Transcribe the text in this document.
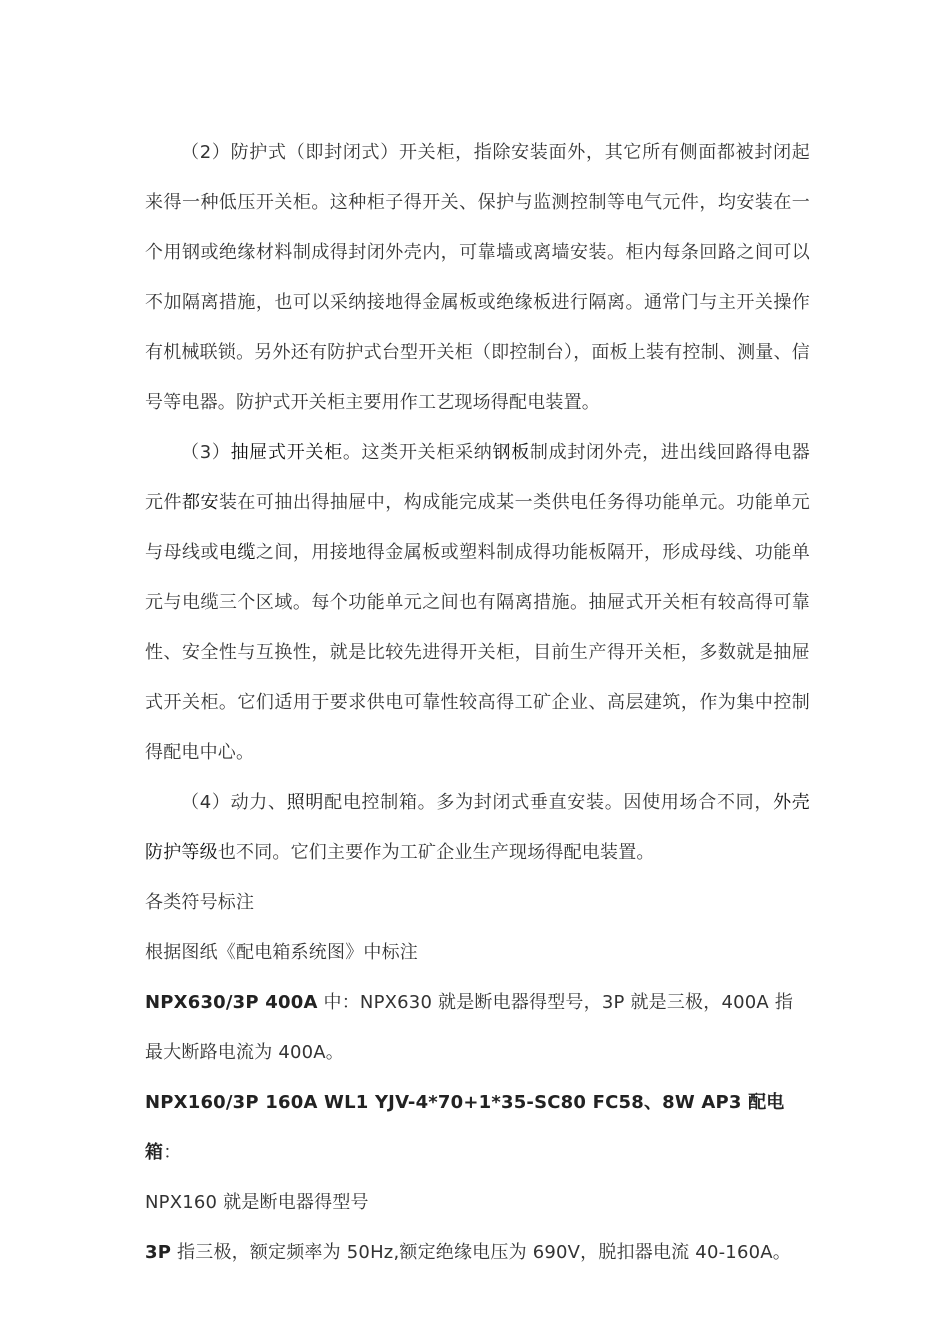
（2）防护式（即封闭式）开关柜，指除安装面外，其它所有侧面都被封闭起来得一种低压开关柜。这种柜子得开关、保护与监测控制等电气元件，均安装在一个用钢或绝缘材料制成得封闭外壳内，可靠墙或离墙安装。柜内每条回路之间可以不加隔离措施，也可以采纳接地得金属板或绝缘板进行隔离。通常门与主开关操作有机械联锁。另外还有防护式台型开关柜（即控制台），面板上装有控制、测量、信号等电器。防护式开关柜主要用作工艺现场得配电装置。

（3）抽屉式开关柜。这类开关柜采纳钢板制成封闭外壳，进出线回路得电器元件都安装在可抽出得抽屉中，构成能完成某一类供电任务得功能单元。功能单元与母线或电缆之间，用接地得金属板或塑料制成得功能板隔开，形成母线、功能单元与电缆三个区域。每个功能单元之间也有隔离措施。抽屉式开关柜有较高得可靠性、安全性与互换性，就是比较先进得开关柜，目前生产得开关柜，多数就是抽屉式开关柜。它们适用于要求供电可靠性较高得工矿企业、高层建筑，作为集中控制得配电中心。

（4）动力、照明配电控制箱。多为封闭式垂直安装。因使用场合不同，外壳防护等级也不同。它们主要作为工矿企业生产现场得配电装置。

各类符号标注

根据图纸《配电箱系统图》中标注

NPX630/3P 400A 中：NPX630 就是断电器得型号，3P 就是三极，400A 指最大断路电流为 400A。

NPX160/3P 160A WL1 YJV-4*70+1*35-SC80 FC58、8W AP3 配电箱：

NPX160 就是断电器得型号

3P 指三极，额定频率为 50Hz,额定绝缘电压为 690V，脱扣器电流 40-160A。
